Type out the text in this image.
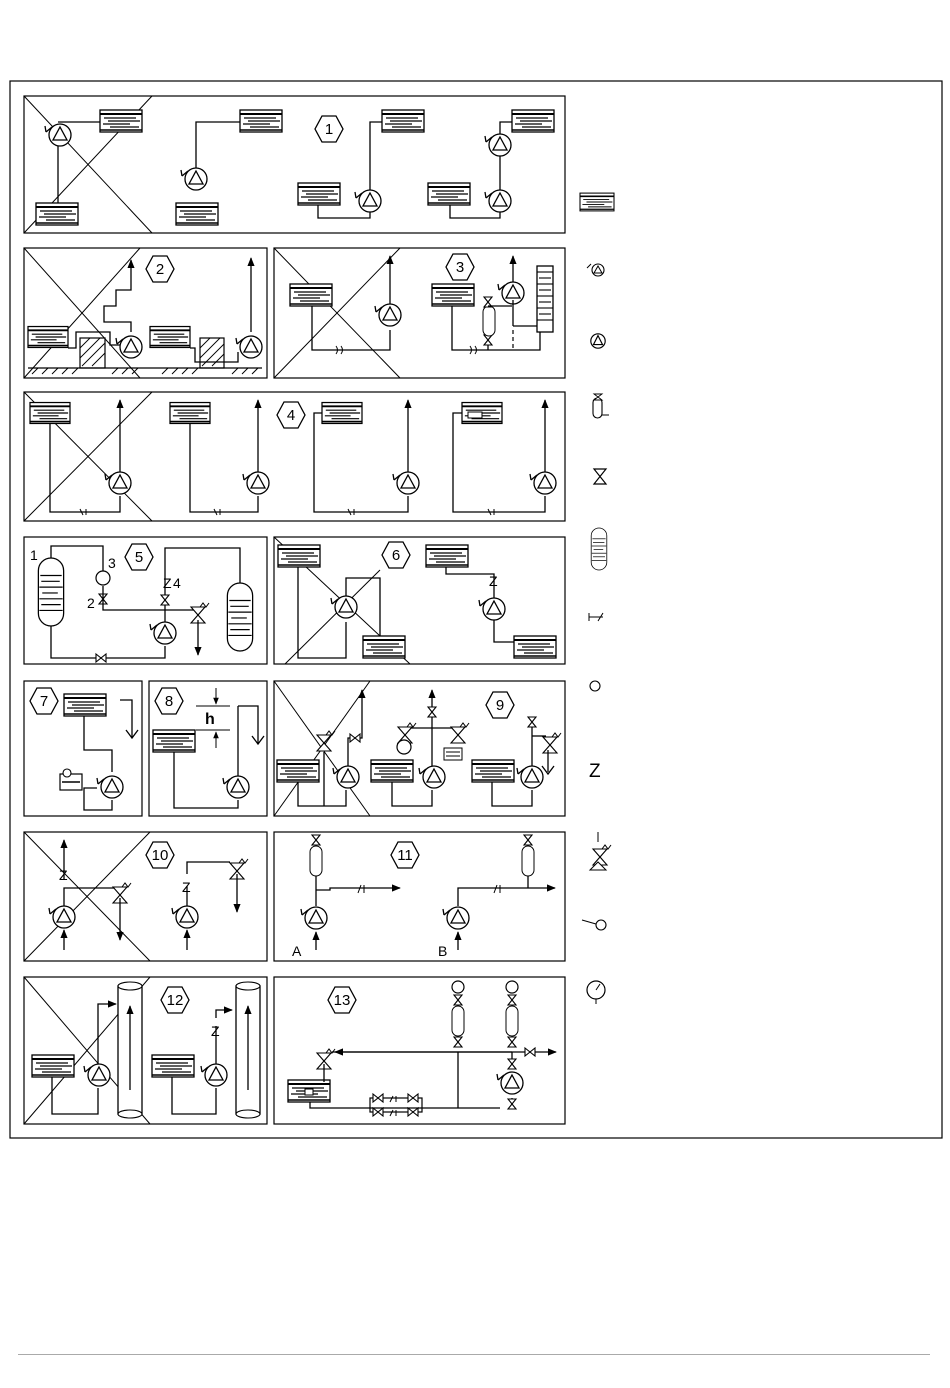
1
2	3
4
Z
5
1
2
3
4
6
Z
7	8
h
9
10
Z
Z
11
A	B
12
Z
13
Z
